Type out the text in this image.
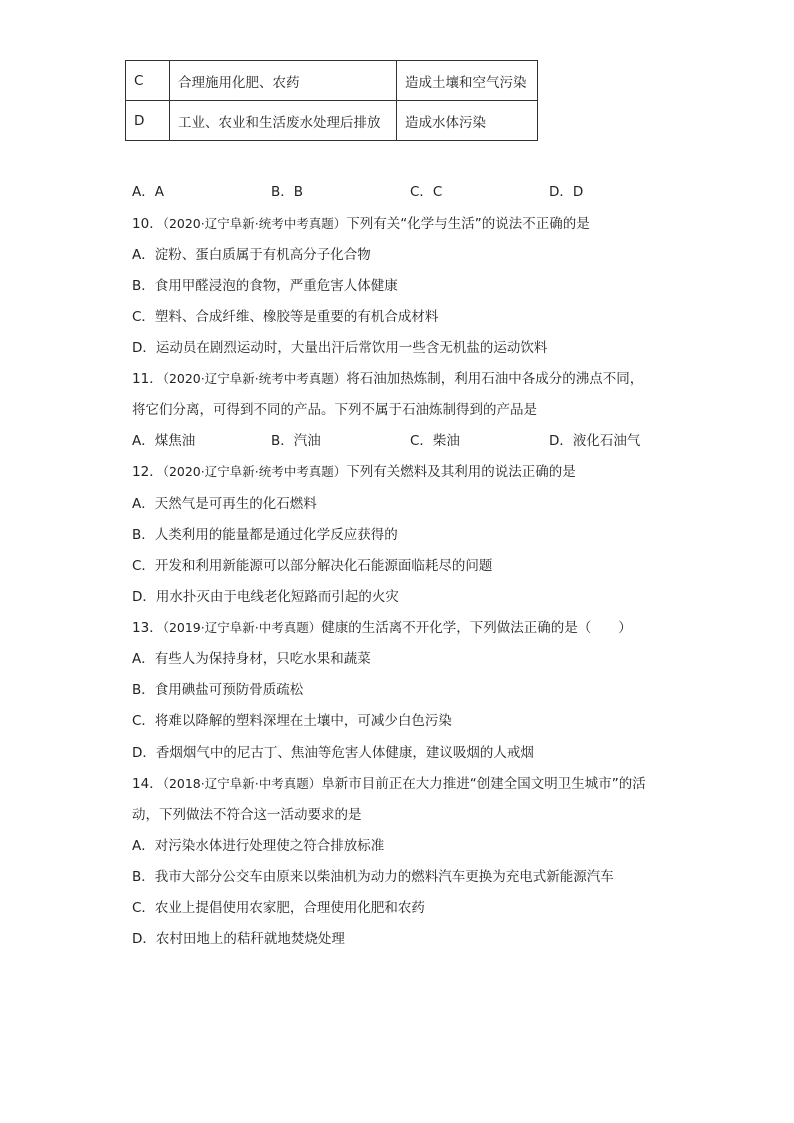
C	合理施用化肥、农药	造成土壤和空气污染
D	工业、农业和生活废水处理后排放	造成水体污染
A．A	B．B	C．C	D．D
10．（2020·辽宁阜新·统考中考真题）下列有关“化学与生活”的说法不正确的是
A．淀粉、蛋白质属于有机高分子化合物
B．食用甲醛浸泡的食物，严重危害人体健康
C．塑料、合成纤维、橡胶等是重要的有机合成材料
D．运动员在剧烈运动时，大量出汗后常饮用一些含无机盐的运动饮料
11．（2020·辽宁阜新·统考中考真题）将石油加热炼制，利用石油中各成分的沸点不同，
将它们分离，可得到不同的产品。下列不属于石油炼制得到的产品是
A．煤焦油	B．汽油	C．柴油	D．液化石油气
12．（2020·辽宁阜新·统考中考真题）下列有关燃料及其利用的说法正确的是
A．天然气是可再生的化石燃料
B．人类利用的能量都是通过化学反应获得的
C．开发和利用新能源可以部分解决化石能源面临耗尽的问题
D．用水扑灭由于电线老化短路而引起的火灾
13．（2019·辽宁阜新·中考真题）健康的生活离不开化学，下列做法正确的是（　　）
A．有些人为保持身材，只吃水果和蔬菜
B．食用碘盐可预防骨质疏松
C．将难以降解的塑料深埋在土壤中，可减少白色污染
D．香烟烟气中的尼古丁、焦油等危害人体健康，建议吸烟的人戒烟
14．（2018·辽宁阜新·中考真题）阜新市目前正在大力推进“创建全国文明卫生城市”的活
动，下列做法不符合这一活动要求的是
A．对污染水体进行处理使之符合排放标准
B．我市大部分公交车由原来以柴油机为动力的燃料汽车更换为充电式新能源汽车
C．农业上提倡使用农家肥，合理使用化肥和农药
D．农村田地上的秸秆就地焚烧处理
